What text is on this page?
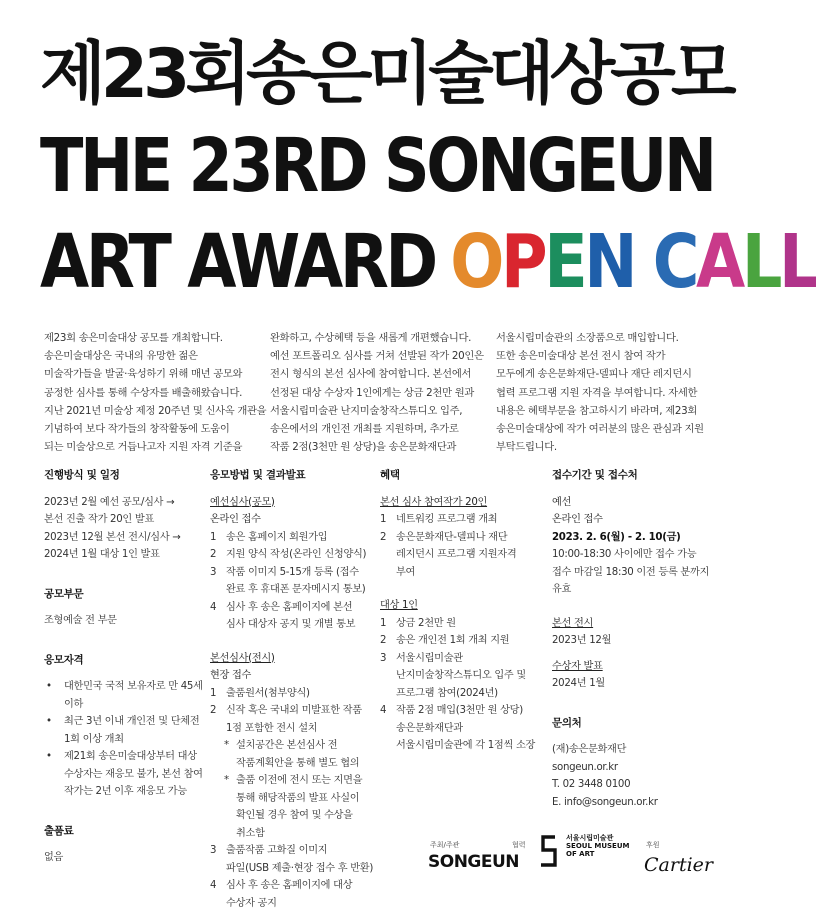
제23회송은미술대상공모
THE 23RD SONGEUN
ART AWARD OPEN CALL

제23회 송은미술대상 공모를 개최합니다.

송은미술대상은 국내의 유망한 젊은

미술작가들을 발굴·육성하기 위해 매년 공모와

공정한 심사를 통해 수상자를 배출해왔습니다.

지난 2021년 미술상 제정 20주년 및 신사옥 개관을

기념하여 보다 작가들의 창작활동에 도움이

되는 미술상으로 거듭나고자 지원 자격 기준을

완화하고, 수상혜택 등을 새롭게 개편했습니다.

예선 포트폴리오 심사를 거쳐 선발된 작가 20인은

전시 형식의 본선 심사에 참여합니다. 본선에서

선정된 대상 수상자 1인에게는 상금 2천만 원과

서울시립미술관 난지미술창작스튜디오 입주,

송은에서의 개인전 개최를 지원하며, 추가로

작품 2점(3천만 원 상당)을 송은문화재단과

서울시립미술관의 소장품으로 매입합니다.

또한 송은미술대상 본선 전시 참여 작가

모두에게 송은문화재단-델피나 재단 레지던시

협력 프로그램 지원 자격을 부여합니다. 자세한

내용은 혜택부문을 참고하시기 바라며, 제23회

송은미술대상에 작가 여러분의 많은 관심과 지원

부탁드립니다.

진행방식 및 일정
2023년 2월 예선 공모/심사 →
본선 진출 작가 20인 발표
2023년 12월 본선 전시/심사 →
2024년 1월 대상 1인 발표
공모부문
조형예술 전 부문
응모자격
•	대한민국 국적 보유자로 만 45세
이하
•	최근 3년 이내 개인전 및 단체전
1회 이상 개최
•	제21회 송은미술대상부터 대상
수상자는 재응모 불가, 본선 참여
작가는 2년 이후 재응모 가능
출품료
없음
응모방법 및 결과발표
예선심사(공모)
온라인 접수
1 송은 홈페이지 회원가입
2 지원 양식 작성(온라인 신청양식)
3 작품 이미지 5-15개 등록 (접수
완료 후 휴대폰 문자메시지 통보)
4 심사 후 송은 홈페이지에 본선
심사 대상자 공지 및 개별 통보
본선심사(전시)
현장 접수
1 출품원서(첨부양식)
2 신작 혹은 국내외 미발표한 작품
1점 포함한 전시 설치
* 설치공간은 본선심사 전
작품계획안을 통해 별도 협의
* 출품 이전에 전시 또는 지면을
통해 해당작품의 발표 사실이
확인될 경우 참여 및 수상을
취소함
3 출품작품 고화질 이미지
파일(USB 제출·현장 접수 후 반환)
4 심사 후 송은 홈페이지에 대상
수상자 공지
혜택
본선 심사 참여작가 20인
1 네트워킹 프로그램 개최
2 송은문화재단-델피나 재단
레지던시 프로그램 지원자격
부여
대상 1인
1 상금 2천만 원
2 송은 개인전 1회 개최 지원
3 서울시립미술관
난지미술창작스튜디오 입주 및
프로그램 참여(2024년)
4 작품 2점 매입(3천만 원 상당)
송은문화재단과
서울시립미술관에 각 1점씩 소장
접수기간 및 접수처
예선
온라인 접수
2023. 2. 6(월) - 2. 10(금)
10:00-18:30 사이에만 접수 가능
접수 마감일 18:30 이전 등록 분까지
유효
본선 전시
2023년 12월
수상자 발표
2024년 1월
문의처
(재)송은문화재단
songeun.or.kr
T. 02 3448 0100
E. info@songeun.or.kr
주최/주관
SONGEUN
협력
서울시립미술관
SEOUL MUSEUM
OF ART
후원
Cartier
